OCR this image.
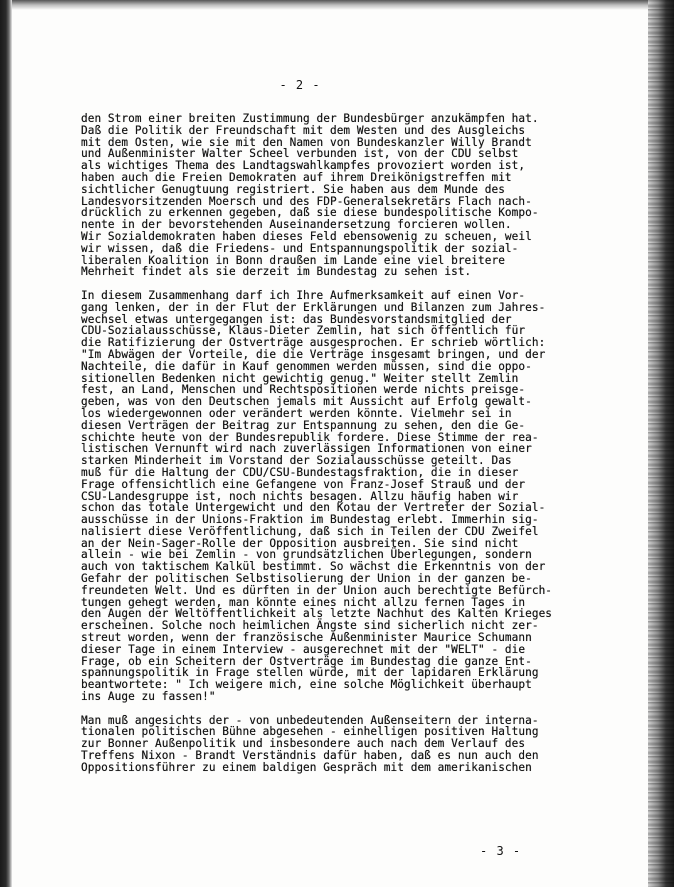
- 2 -
den Strom einer breiten Zustimmung der Bundesbürger anzukämpfen hat.
Daß die Politik der Freundschaft mit dem Westen und des Ausgleichs
mit dem Osten, wie sie mit den Namen von Bundeskanzler Willy Brandt
und Außenminister Walter Scheel verbunden ist, von der CDU selbst
als wichtiges Thema des Landtagswahlkampfes provoziert worden ist,
haben auch die Freien Demokraten auf ihrem Dreikönigstreffen mit
sichtlicher Genugtuung registriert. Sie haben aus dem Munde des
Landesvorsitzenden Moersch und des FDP-Generalsekretärs Flach nach-
drücklich zu erkennen gegeben, daß sie diese bundespolitische Kompo-
nente in der bevorstehenden Auseinandersetzung forcieren wollen.
Wir Sozialdemokraten haben dieses Feld ebensowenig zu scheuen, weil
wir wissen, daß die Friedens- und Entspannungspolitik der sozial-
liberalen Koalition in Bonn draußen im Lande eine viel breitere
Mehrheit findet als sie derzeit im Bundestag zu sehen ist.
In diesem Zusammenhang darf ich Ihre Aufmerksamkeit auf einen Vor-
gang lenken, der in der Flut der Erklärungen und Bilanzen zum Jahres-
wechsel etwas untergegangen ist: das Bundesvorstandsmitglied der
CDU-Sozialausschüsse, Klaus-Dieter Zemlin, hat sich öffentlich für
die Ratifizierung der Ostverträge ausgesprochen. Er schrieb wörtlich:
"Im Abwägen der Vorteile, die die Verträge insgesamt bringen, und der
Nachteile, die dafür in Kauf genommen werden müssen, sind die oppo-
sitionellen Bedenken nicht gewichtig genug." Weiter stellt Zemlin
fest, an Land, Menschen und Rechtspositionen werde nichts preisge-
geben, was von den Deutschen jemals mit Aussicht auf Erfolg gewalt-
los wiedergewonnen oder verändert werden könnte. Vielmehr sei in
diesen Verträgen der Beitrag zur Entspannung zu sehen, den die Ge-
schichte heute von der Bundesrepublik fordere. Diese Stimme der rea-
listischen Vernunft wird nach zuverlässigen Informationen von einer
starken Minderheit im Vorstand der Sozialausschüsse geteilt. Das
muß für die Haltung der CDU/CSU-Bundestagsfraktion, die in dieser
Frage offensichtlich eine Gefangene von Franz-Josef Strauß und der
CSU-Landesgruppe ist, noch nichts besagen. Allzu häufig haben wir
schon das totale Untergewicht und den Kotau der Vertreter der Sozial-
ausschüsse in der Unions-Fraktion im Bundestag erlebt. Immerhin sig-
nalisiert diese Veröffentlichung, daß sich in Teilen der CDU Zweifel
an der Nein-Sager-Rolle der Opposition ausbreiten. Sie sind nicht
allein - wie bei Zemlin - von grundsätzlichen Überlegungen, sondern
auch von taktischem Kalkül bestimmt. So wächst die Erkenntnis von der
Gefahr der politischen Selbstisolierung der Union in der ganzen be-
freundeten Welt. Und es dürften in der Union auch berechtigte Befürch-
tungen gehegt werden, man könnte eines nicht allzu fernen Tages in
den Augen der Weltöffentlichkeit als letzte Nachhut des Kalten Krieges
erscheinen. Solche noch heimlichen Ängste sind sicherlich nicht zer-
streut worden, wenn der französische Außenminister Maurice Schumann
dieser Tage in einem Interview - ausgerechnet mit der "WELT" - die
Frage, ob ein Scheitern der Ostverträge im Bundestag die ganze Ent-
spannungspolitik in Frage stellen würde, mit der lapidaren Erklärung
beantwortete: " Ich weigere mich, eine solche Möglichkeit überhaupt
ins Auge zu fassen!"
Man muß angesichts der - von unbedeutenden Außenseitern der interna-
tionalen politischen Bühne abgesehen - einhelligen positiven Haltung
zur Bonner Außenpolitik und insbesondere auch nach dem Verlauf des
Treffens Nixon - Brandt Verständnis dafür haben, daß es nun auch den
Oppositionsführer zu einem baldigen Gespräch mit dem amerikanischen
- 3 -
